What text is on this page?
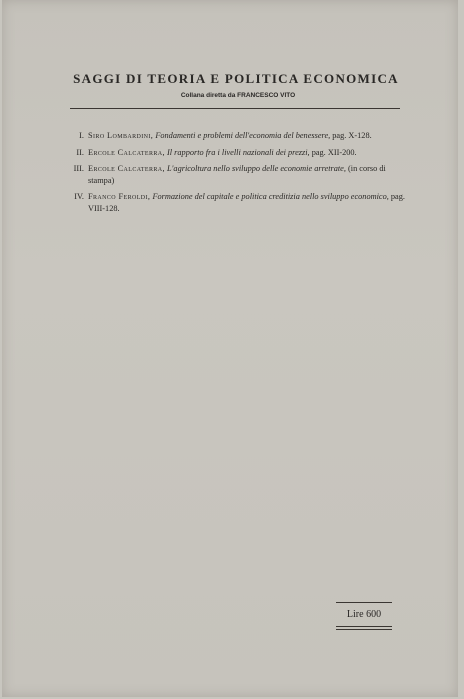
SAGGI DI TEORIA E POLITICA ECONOMICA
Collana diretta da FRANCESCO VITO
I. Siro Lombardini, Fondamenti e problemi dell'economia del benessere, pag. X-128.
II. Ercole Calcaterra, Il rapporto fra i livelli nazionali dei prezzi, pag. XII-200.
III. Ercole Calcaterra, L'agricoltura nello sviluppo delle economie arretrate, (in corso di stampa)
IV. Franco Feroldi, Formazione del capitale e politica creditizia nello sviluppo economico, pag. VIII-128.
Lire 600
